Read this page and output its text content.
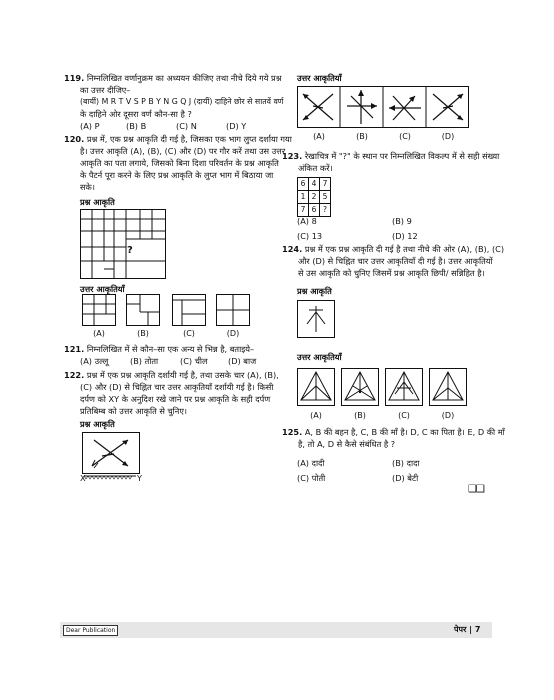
119. निम्नलिखित वर्णानुक्रम का अध्ययन कीजिए तथा नीचे दिये गये प्रश्न
का उत्तर दीजिए–
(बायीं) M R T V S P B Y N G Q J (दायीं) दाहिने छोर से सातवें वर्ण
के दाहिने ओर दूसरा वर्ण कौन-सा है ?
(A) P	(B) B	(C) N	(D) Y
120. प्रश्न में, एक प्रश्न आकृति दी गई है, जिसका एक भाग लुप्त दर्शाया गया
है। उत्तर आकृति (A), (B), (C) और (D) पर गौर करें तथा उस उत्तर
आकृति का पता लगाये, जिसको बिना दिशा परिवर्तन के प्रश्न आकृति
के पैटर्न पूरा करने के लिए प्रश्न आकृति के लुप्त भाग में बिठाया जा
सके।
प्रश्न आकृति
?
उत्तर आकृतियाँ
(A)	(B)	(C)	(D)
121. निम्नलिखित में से कौन–सा एक अन्य से भिन्न है, बताइये–
(A) उल्लू	(B) तोता	(C) चील (D) बाज
122. प्रश्न में एक प्रश्न आकृति दर्शायी गई है, तथा उसके चार (A), (B),
(C) और (D) से चिह्नित चार उत्तर आकृतियाँ दर्शायी गई है। किसी
दर्पण को XY के अनुदिश रखे जाने पर प्रश्न आकृति के सही दर्पण
प्रतिबिम्ब को उत्तर आकृति से चुनिए।
प्रश्न आकृति
X	Y
उत्तर आकृतियाँ
(A)	(B)	(C)	(D)
123. रेखाचित्र में "?" के स्थान पर निम्नलिखित विकल्प में से सही संख्या
अंकित करें।
6	4	7
1	2	5
7	6	?
(A) 8	(B) 9
(C) 13	(D) 12
124. प्रश्न में एक प्रश्न आकृति दी गई है तथा नीचे की ओर (A), (B), (C)
और (D) से चिह्नित चार उत्तर आकृतियाँ दी गई है। उत्तर आकृतियों
से उस आकृति को चुनिए जिसमें प्रश्न आकृति छिपी/ सन्निहित है।
प्रश्न आकृति
उत्तर आकृतियाँ
(A)	(B)	(C)	(D)
125. A, B की बहन है, C, B की माँ है। D, C का पिता है। E, D की माँ
है, तो A, D से कैसे संबंधित है ?
(A) दादी	(B) दादा
(C) पोती	(D) बेटी
❑❑
Dear Publication	पेपर | 7
